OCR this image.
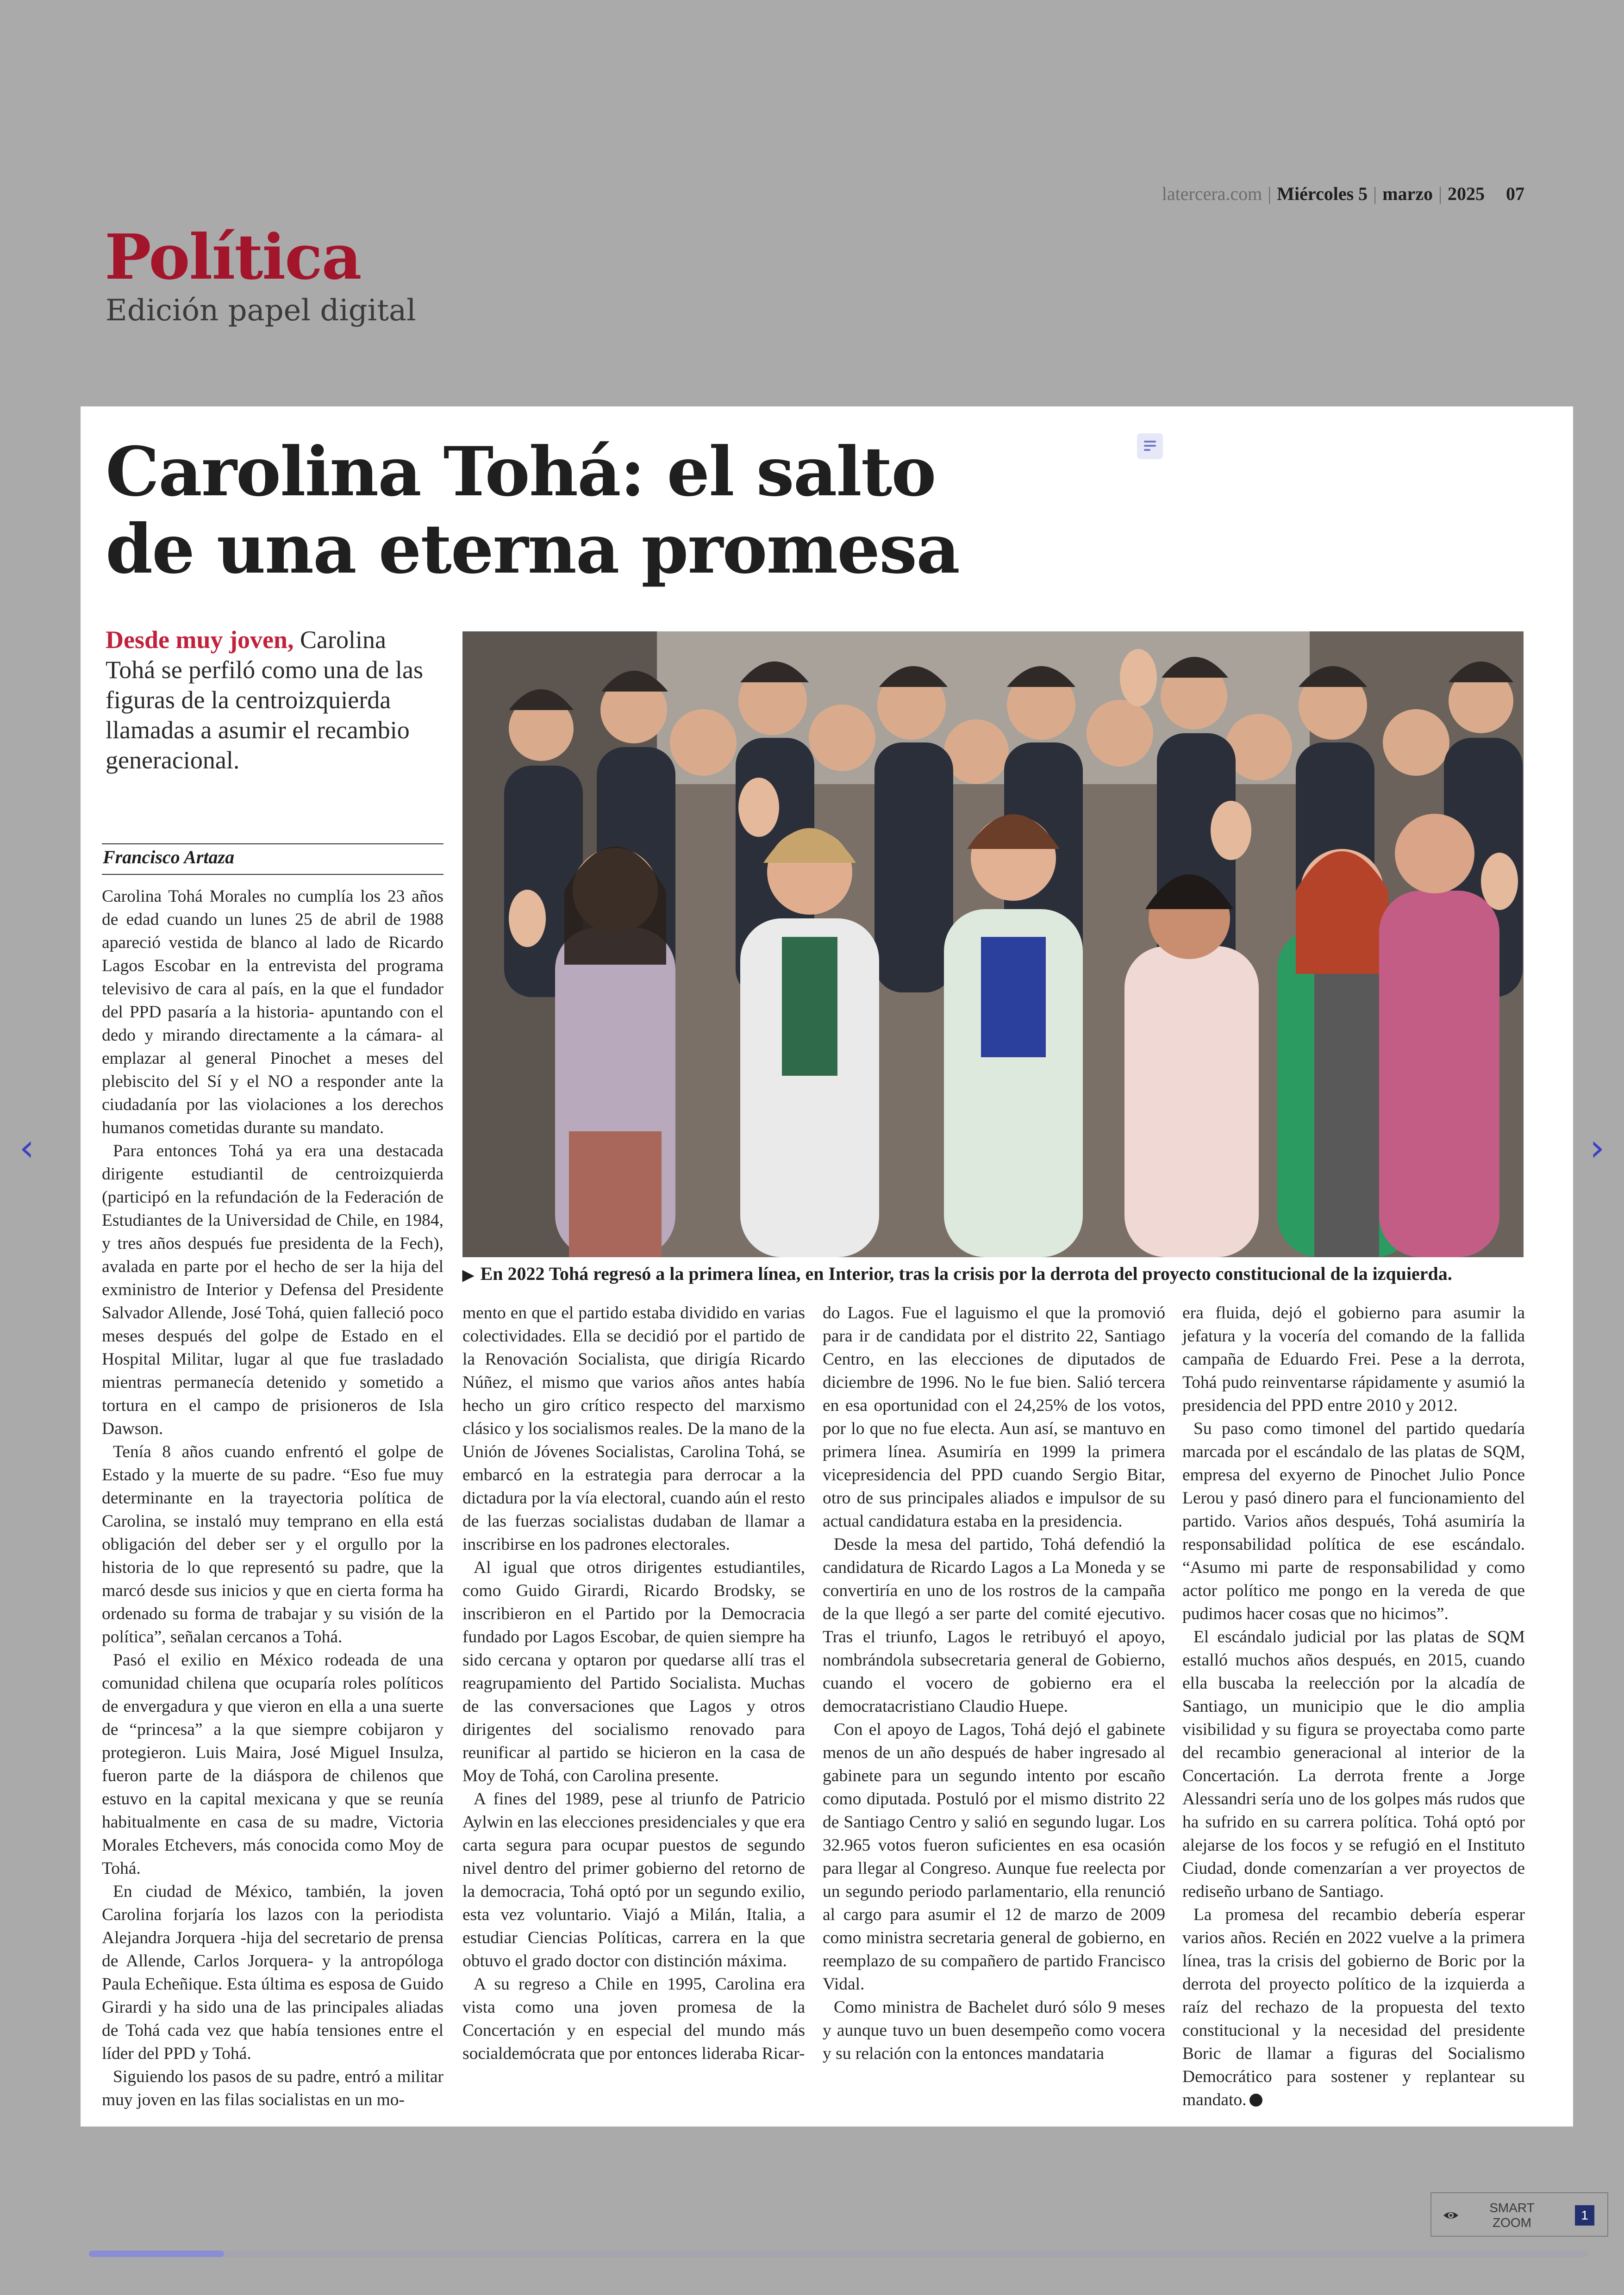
latercera.com | Miércoles 5 | marzo | 2025 07
Política
Edición papel digital
Carolina Tohá: el salto
de una eterna promesa
Desde muy joven, Carolina Tohá se perfiló como una de las figuras de la centroizquierda llamadas a asumir el recambio generacional.
Francisco Artaza
▶ En 2022 Tohá regresó a la primera línea, en Interior, tras la crisis por la derrota del proyecto constitucional de la izquierda.

Carolina Tohá Morales no cumplía los 23 años de edad cuando un lunes 25 de abril de 1988 apareció vestida de blanco al lado de Ricardo Lagos Escobar en la entrevista del programa televisivo de cara al país, en la que el fundador del PPD pasaría a la historia- apuntando con el dedo y mirando directamente a la cámara- al emplazar al general Pinochet a meses del plebiscito del Sí y el NO a responder ante la ciudadanía por las violaciones a los derechos humanos cometidas durante su mandato.

Para entonces Tohá ya era una destacada dirigente estudiantil de centroizquierda (participó en la refundación de la Federación de Estudiantes de la Universidad de Chile, en 1984, y tres años después fue presidenta de la Fech), avalada en parte por el hecho de ser la hija del exministro de Interior y Defensa del Presidente Salvador Allende, José Tohá, quien falleció poco meses después del golpe de Estado en el Hospital Militar, lugar al que fue trasladado mientras permanecía detenido y sometido a tortura en el campo de prisioneros de Isla Dawson.

Tenía 8 años cuando enfrentó el golpe de Estado y la muerte de su padre. “Eso fue muy determinante en la trayectoria política de Carolina, se instaló muy temprano en ella está obligación del deber ser y el orgullo por la historia de lo que representó su padre, que la marcó desde sus inicios y que en cierta forma ha ordenado su forma de trabajar y su visión de la política”, señalan cercanos a Tohá.

Pasó el exilio en México rodeada de una comunidad chilena que ocuparía roles políticos de envergadura y que vieron en ella a una suerte de “princesa” a la que siempre cobijaron y protegieron. Luis Maira, José Miguel Insulza, fueron parte de la diáspora de chilenos que estuvo en la capital mexicana y que se reunía habitualmente en casa de su madre, Victoria Morales Etchevers, más conocida como Moy de Tohá.

En ciudad de México, también, la joven Carolina forjaría los lazos con la periodista Alejandra Jorquera -hija del secretario de prensa de Allende, Carlos Jorquera- y la antropóloga Paula Echeñique. Esta última es esposa de Guido Girardi y ha sido una de las principales aliadas de Tohá cada vez que había tensiones entre el líder del PPD y Tohá.

Siguiendo los pasos de su padre, entró a militar muy joven en las filas socialistas en un mo-

mento en que el partido estaba dividido en varias colectividades. Ella se decidió por el partido de la Renovación Socialista, que dirigía Ricardo Núñez, el mismo que varios años antes había hecho un giro crítico respecto del marxismo clásico y los socialismos reales. De la mano de la Unión de Jóvenes Socialistas, Carolina Tohá, se embarcó en la estrategia para derrocar a la dictadura por la vía electoral, cuando aún el resto de las fuerzas socialistas dudaban de llamar a inscribirse en los padrones electorales.

Al igual que otros dirigentes estudiantiles, como Guido Girardi, Ricardo Brodsky, se inscribieron en el Partido por la Democracia fundado por Lagos Escobar, de quien siempre ha sido cercana y optaron por quedarse allí tras el reagrupamiento del Partido Socialista. Muchas de las conversaciones que Lagos y otros dirigentes del socialismo renovado para reunificar al partido se hicieron en la casa de Moy de Tohá, con Carolina presente.

A fines del 1989, pese al triunfo de Patricio Aylwin en las elecciones presidenciales y que era carta segura para ocupar puestos de segundo nivel dentro del primer gobierno del retorno de la democracia, Tohá optó por un segundo exilio, esta vez voluntario. Viajó a Milán, Italia, a estudiar Ciencias Políticas, carrera en la que obtuvo el grado doctor con distinción máxima.

A su regreso a Chile en 1995, Carolina era vista como una joven promesa de la Concertación y en especial del mundo más socialdemócrata que por entonces lideraba Ricar-

do Lagos. Fue el laguismo el que la promovió para ir de candidata por el distrito 22, Santiago Centro, en las elecciones de diputados de diciembre de 1996. No le fue bien. Salió tercera en esa oportunidad con el 24,25% de los votos, por lo que no fue electa. Aun así, se mantuvo en primera línea. Asumiría en 1999 la primera vicepresidencia del PPD cuando Sergio Bitar, otro de sus principales aliados e impulsor de su actual candidatura estaba en la presidencia.

Desde la mesa del partido, Tohá defendió la candidatura de Ricardo Lagos a La Moneda y se convertiría en uno de los rostros de la campaña de la que llegó a ser parte del comité ejecutivo. Tras el triunfo, Lagos le retribuyó el apoyo, nombrándola subsecretaria general de Gobierno, cuando el vocero de gobierno era el democratacristiano Claudio Huepe.

Con el apoyo de Lagos, Tohá dejó el gabinete menos de un año después de haber ingresado al gabinete para un segundo intento por escaño como diputada. Postuló por el mismo distrito 22 de Santiago Centro y salió en segundo lugar. Los 32.965 votos fueron suficientes en esa ocasión para llegar al Congreso. Aunque fue reelecta por un segundo periodo parlamentario, ella renunció al cargo para asumir el 12 de marzo de 2009 como ministra secretaria general de gobierno, en reemplazo de su compañero de partido Francisco Vidal.

Como ministra de Bachelet duró sólo 9 meses y aunque tuvo un buen desempeño como vocera y su relación con la entonces mandataria

era fluida, dejó el gobierno para asumir la jefatura y la vocería del comando de la fallida campaña de Eduardo Frei. Pese a la derrota, Tohá pudo reinventarse rápidamente y asumió la presidencia del PPD entre 2010 y 2012.

Su paso como timonel del partido quedaría marcada por el escándalo de las platas de SQM, empresa del exyerno de Pinochet Julio Ponce Lerou y pasó dinero para el funcionamiento del partido. Varios años después, Tohá asumiría la responsabilidad política de ese escándalo. “Asumo mi parte de responsabilidad y como actor político me pongo en la vereda de que pudimos hacer cosas que no hicimos”.

El escándalo judicial por las platas de SQM estalló muchos años después, en 2015, cuando ella buscaba la reelección por la alcadía de Santiago, un municipio que le dio amplia visibilidad y su figura se proyectaba como parte del recambio generacional al interior de la Concertación. La derrota frente a Jorge Alessandri sería uno de los golpes más rudos que ha sufrido en su carrera política. Tohá optó por alejarse de los focos y se refugió en el Instituto Ciudad, donde comenzarían a ver proyectos de rediseño urbano de Santiago.

La promesa del recambio debería esperar varios años. Recién en 2022 vuelve a la primera línea, tras la crisis del gobierno de Boric por la derrota del proyecto político de la izquierda a raíz del rechazo de la propuesta del texto constitucional y la necesidad del presidente Boric de llamar a figuras del Socialismo Democrático para sostener y replantear su mandato.

‹	›
SMART
ZOOM
1
